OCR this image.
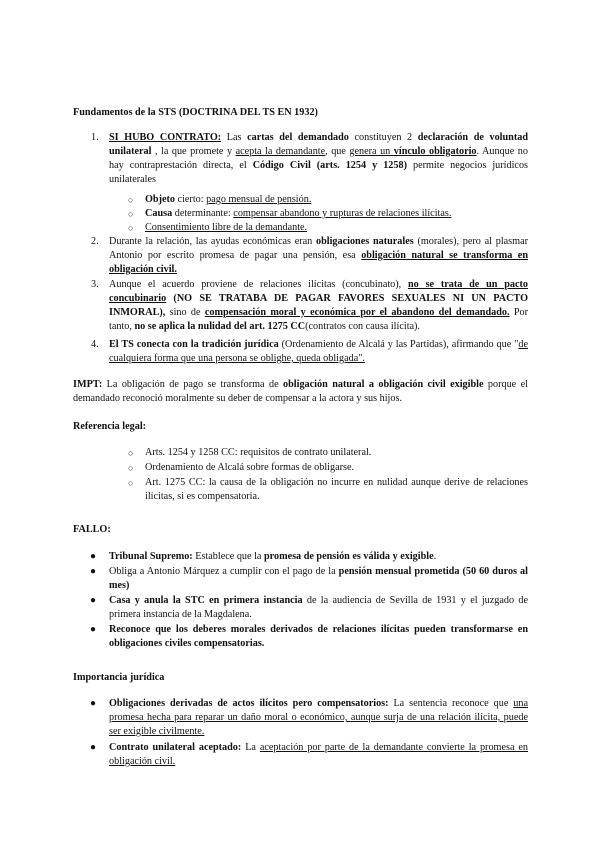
Fundamentos de la STS (DOCTRINA DEL TS EN 1932)
1. SI HUBO CONTRATO: Las cartas del demandado constituyen 2 declaración de voluntad unilateral , la que promete y acepta la demandante, que genera un vínculo obligatorio. Aunque no hay contraprestación directa, el Código Civil (arts. 1254 y 1258) permite negocios jurídicos unilaterales
○ Objeto cierto: pago mensual de pensión.
○ Causa determinante: compensar abandono y rupturas de relaciones ilícitas.
○ Consentimiento libre de la demandante.
2. Durante la relación, las ayudas económicas eran obligaciones naturales (morales), pero al plasmar Antonio por escrito promesa de pagar una pensión, esa obligación natural se transforma en obligación civil.
3. Aunque el acuerdo proviene de relaciones ilícitas (concubinato), no se trata de un pacto concubinario (NO SE TRATABA DE PAGAR FAVORES SEXUALES NI UN PACTO INMORAL), sino de compensación moral y económica por el abandono del demandado. Por tanto, no se aplica la nulidad del art. 1275 CC(contratos con causa ilícita).
4. El TS conecta con la tradición jurídica (Ordenamiento de Alcalá y las Partidas), afirmando que "de cualquiera forma que una persona se oblighe, queda obligada".
IMPT: La obligación de pago se transforma de obligación natural a obligación civil exigible porque el demandado reconoció moralmente su deber de compensar a la actora y sus hijos.
Referencia legal:
○ Arts. 1254 y 1258 CC: requisitos de contrato unilateral.
○ Ordenamiento de Alcalá sobre formas de obligarse.
○ Art. 1275 CC: la causa de la obligación no incurre en nulidad aunque derive de relaciones ilícitas, si es compensatoria.
FALLO:
● Tribunal Supremo: Establece que la promesa de pensión es válida y exigible.
● Obliga a Antonio Márquez a cumplir con el pago de la pensión mensual prometida (50 60 duros al mes)
● Casa y anula la STC en primera instancia de la audiencia de Sevilla de 1931 y el juzgado de primera instancia de la Magdalena.
● Reconoce que los deberes morales derivados de relaciones ilícitas pueden transformarse en obligaciones civiles compensatorias.
Importancia jurídica
● Obligaciones derivadas de actos ilícitos pero compensatorios: La sentencia reconoce que una promesa hecha para reparar un daño moral o económico, aunque surja de una relación ilícita, puede ser exigible civilmente.
● Contrato unilateral aceptado: La aceptación por parte de la demandante convierte la promesa en obligación civil.
